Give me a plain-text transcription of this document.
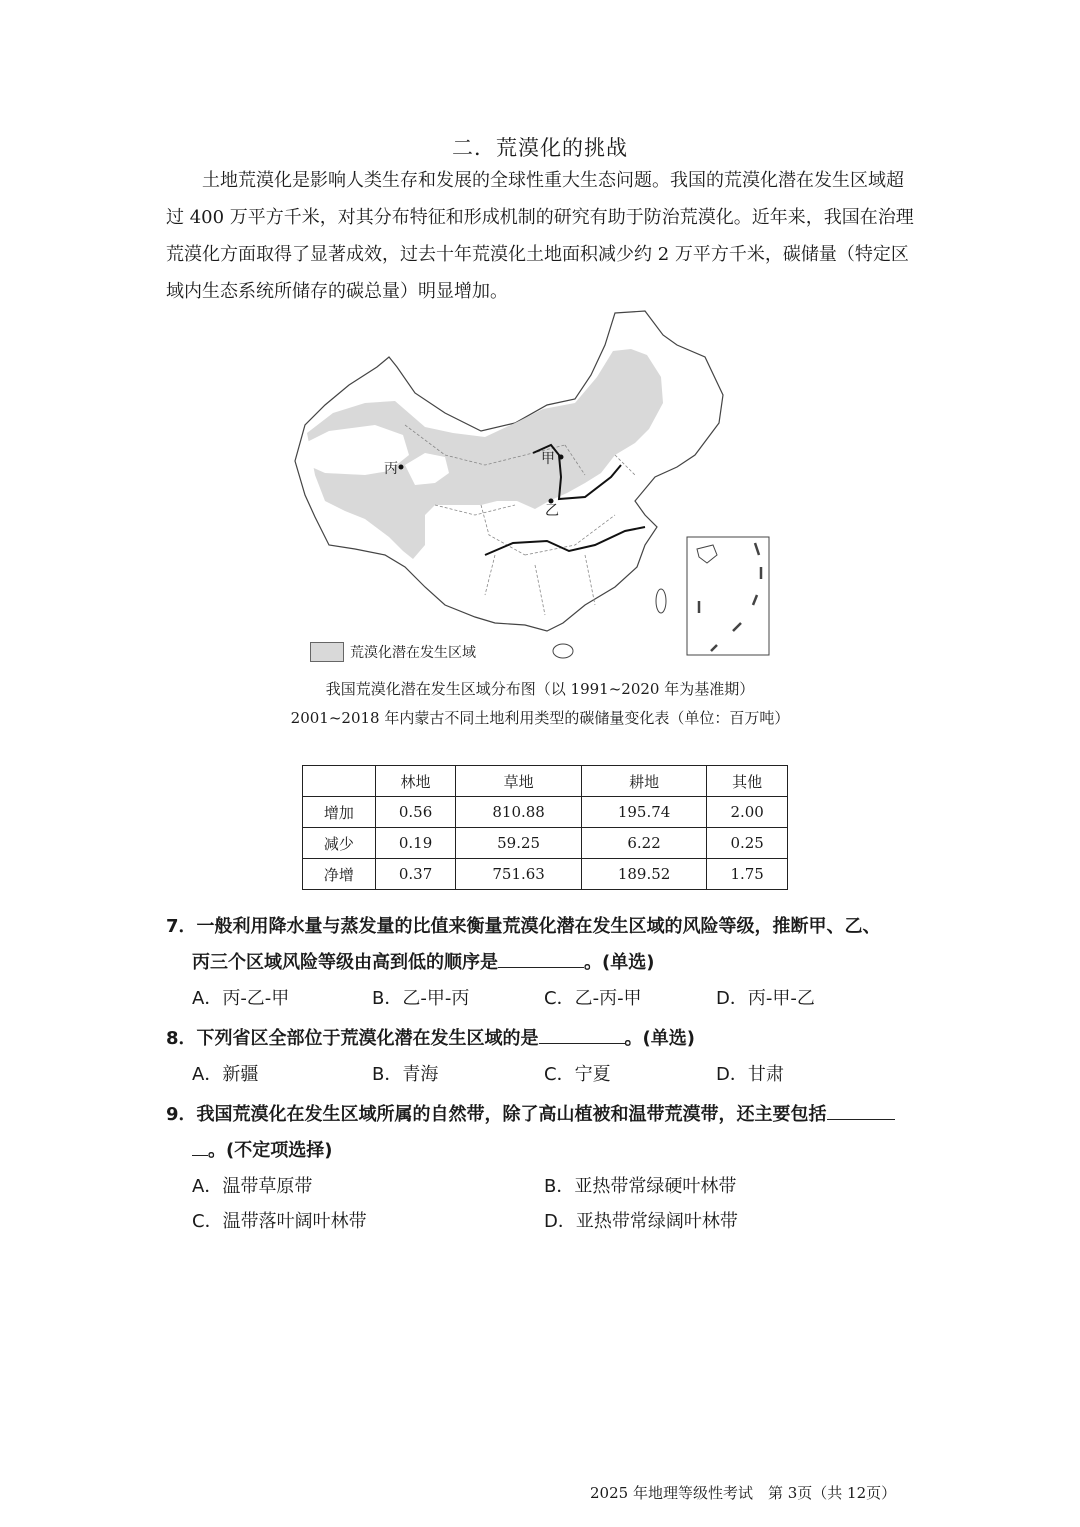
二．荒漠化的挑战

土地荒漠化是影响人类生存和发展的全球性重大生态问题。我国的荒漠化潜在发生区域超过 400 万平方千米，对其分布特征和形成机制的研究有助于防治荒漠化。近年来，我国在治理荒漠化方面取得了显著成效，过去十年荒漠化土地面积减少约 2 万平方千米，碳储量（特定区域内生态系统所储存的碳总量）明显增加。

甲
乙
丙
荒漠化潜在发生区域
我国荒漠化潜在发生区域分布图（以 1991~2020 年为基准期）
2001~2018 年内蒙古不同土地利用类型的碳储量变化表（单位：百万吨）
	林地	草地	耕地	其他
增加	0.56	810.88	195.74	2.00
减少	0.19	59.25	6.22	0.25
净增	0.37	751.63	189.52	1.75
7．一般利用降水量与蒸发量的比值来衡量荒漠化潜在发生区域的风险等级，推断甲、乙、
丙三个区域风险等级由高到低的顺序是	。(单选)
A．丙-乙-甲	B．乙-甲-丙	C．乙-丙-甲	D．丙-甲-乙
8．下列省区全部位于荒漠化潜在发生区域的是	。(单选)
A．新疆	B．青海	C．宁夏	D．甘肃
9．我国荒漠化在发生区域所属的自然带，除了高山植被和温带荒漠带，还主要包括
。(不定项选择)
A．温带草原带	B．亚热带常绿硬叶林带
C．温带落叶阔叶林带	D．亚热带常绿阔叶林带
2025 年地理等级性考试　第 3页（共 12页）
